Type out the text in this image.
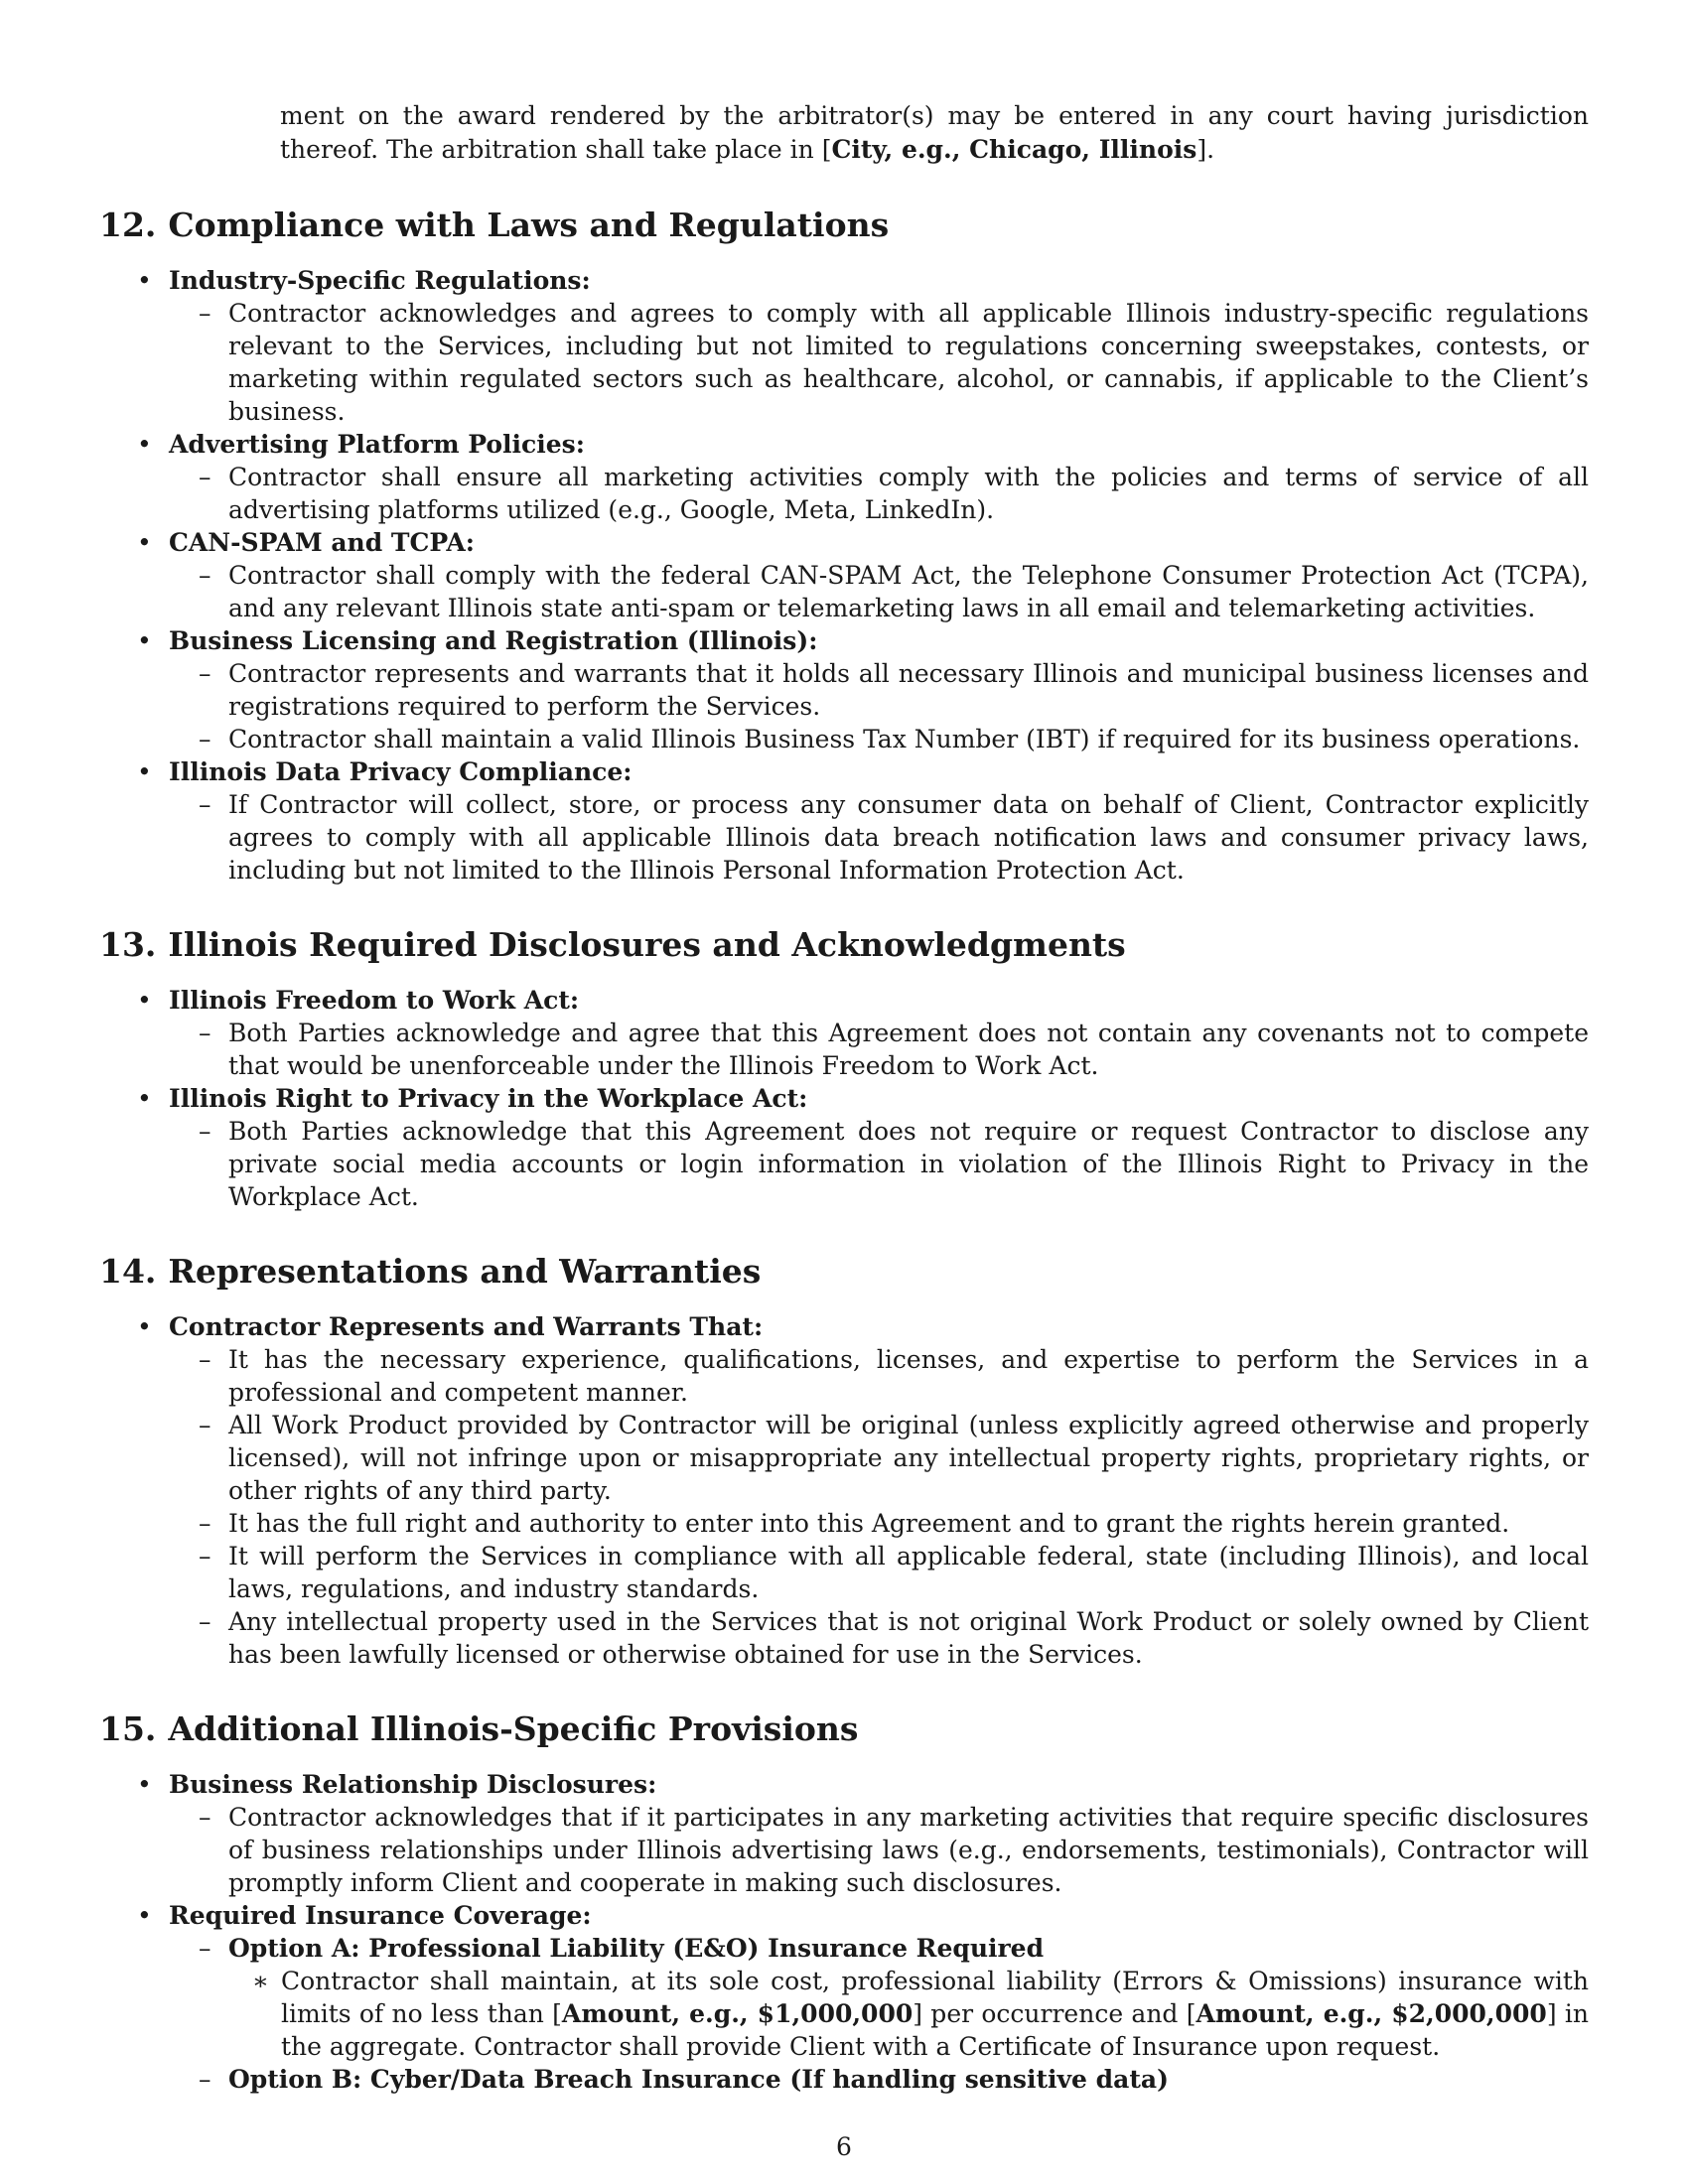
ment on the award rendered by the arbitrator(s) may be entered in any court having jurisdiction thereof. The arbitration shall take place in [City, e.g., Chicago, Illinois].

12. Compliance with Laws and Regulations
• Industry-Specific Regulations:
– Contractor acknowledges and agrees to comply with all applicable Illinois industry-specific regulations relevant to the Services, including but not limited to regulations concerning sweepstakes, contests, or marketing within regulated sectors such as healthcare, alcohol, or cannabis, if applicable to the Client’s business.
• Advertising Platform Policies:
– Contractor shall ensure all marketing activities comply with the policies and terms of service of all advertising platforms utilized (e.g., Google, Meta, LinkedIn).
• CAN-SPAM and TCPA:
– Contractor shall comply with the federal CAN-SPAM Act, the Telephone Consumer Protection Act (TCPA), and any relevant Illinois state anti-spam or telemarketing laws in all email and telemarketing activities.
• Business Licensing and Registration (Illinois):
– Contractor represents and warrants that it holds all necessary Illinois and municipal business licenses and registrations required to perform the Services.
– Contractor shall maintain a valid Illinois Business Tax Number (IBT) if required for its business operations.
• Illinois Data Privacy Compliance:
– If Contractor will collect, store, or process any consumer data on behalf of Client, Contractor explicitly agrees to comply with all applicable Illinois data breach notification laws and consumer privacy laws, including but not limited to the Illinois Personal Information Protection Act.
13. Illinois Required Disclosures and Acknowledgments
• Illinois Freedom to Work Act:
– Both Parties acknowledge and agree that this Agreement does not contain any covenants not to compete that would be unenforceable under the Illinois Freedom to Work Act.
• Illinois Right to Privacy in the Workplace Act:
– Both Parties acknowledge that this Agreement does not require or request Contractor to disclose any private social media accounts or login information in violation of the Illinois Right to Privacy in the Workplace Act.
14. Representations and Warranties
• Contractor Represents and Warrants That:
– It has the necessary experience, qualifications, licenses, and expertise to perform the Services in a professional and competent manner.
– All Work Product provided by Contractor will be original (unless explicitly agreed otherwise and properly licensed), will not infringe upon or misappropriate any intellectual property rights, proprietary rights, or other rights of any third party.
– It has the full right and authority to enter into this Agreement and to grant the rights herein granted.
– It will perform the Services in compliance with all applicable federal, state (including Illinois), and local laws, regulations, and industry standards.
– Any intellectual property used in the Services that is not original Work Product or solely owned by Client has been lawfully licensed or otherwise obtained for use in the Services.
15. Additional Illinois-Specific Provisions
• Business Relationship Disclosures:
– Contractor acknowledges that if it participates in any marketing activities that require specific disclosures of business relationships under Illinois advertising laws (e.g., endorsements, testimonials), Contractor will promptly inform Client and cooperate in making such disclosures.
• Required Insurance Coverage:
– Option A: Professional Liability (E&O) Insurance Required
∗ Contractor shall maintain, at its sole cost, professional liability (Errors & Omissions) insurance with limits of no less than [Amount, e.g., $1,000,000] per occurrence and [Amount, e.g., $2,000,000] in the aggregate. Contractor shall provide Client with a Certificate of Insurance upon request.
– Option B: Cyber/Data Breach Insurance (If handling sensitive data)
6
